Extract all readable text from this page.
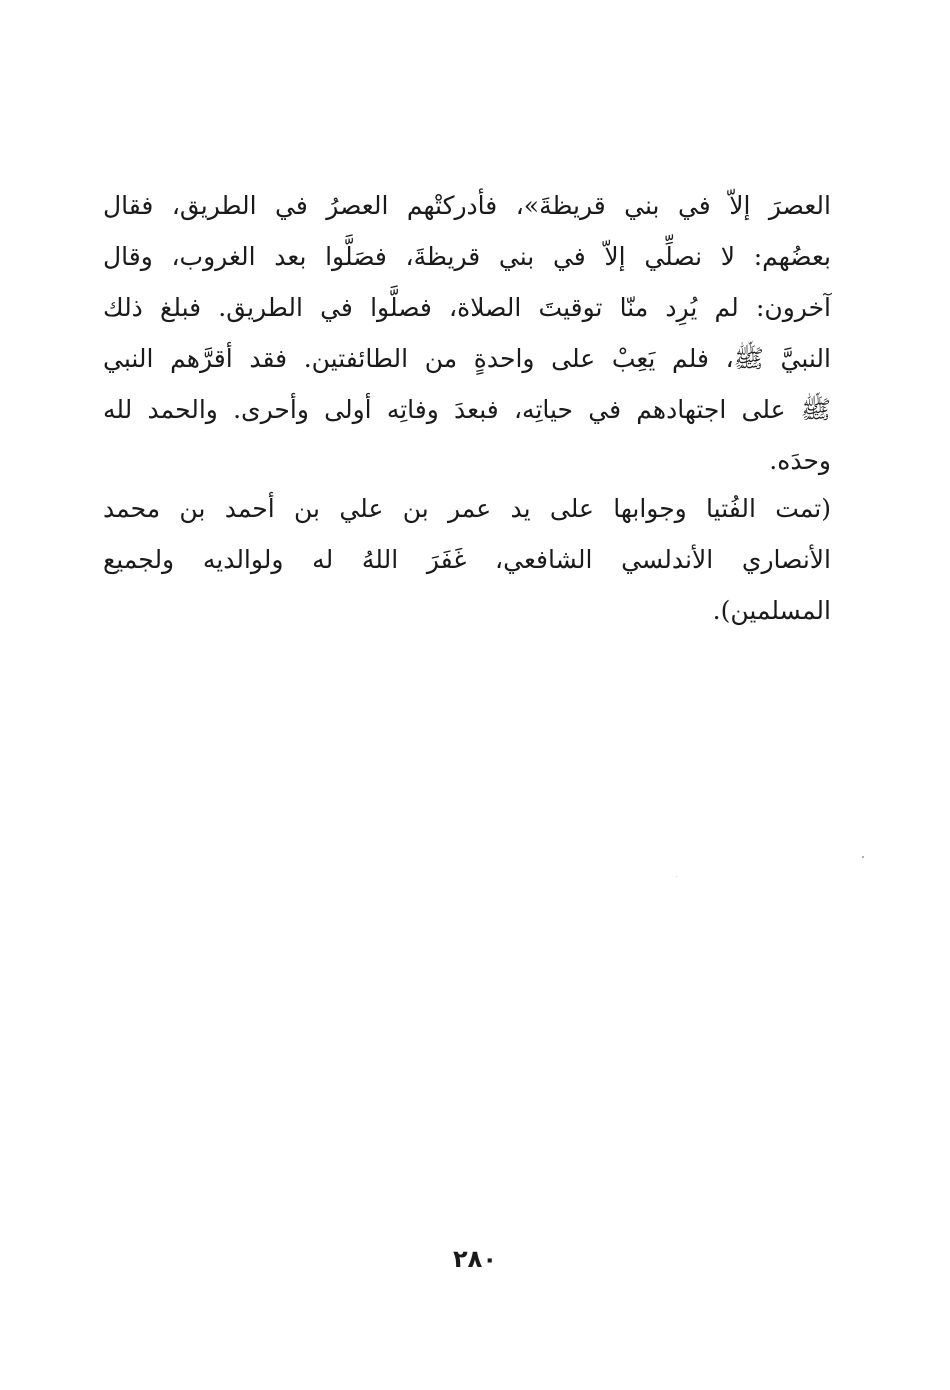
العصرَ إلاّ في بني قريظةَ»، فأدركتْهم العصرُ في الطريق، فقال
بعضُهم: لا نصلِّي إلاّ في بني قريظةَ، فصَلَّوا بعد الغروب، وقال
آخرون: لم يُرِد منّا توقيتَ الصلاة، فصلَّوا في الطريق. فبلغ ذلك
النبيَّ ﷺ، فلم يَعِبْ على واحدةٍ من الطائفتين. فقد أقرَّهم النبي
ﷺ على اجتهادهم في حياتِه، فبعدَ وفاتِه أولى وأحرى. والحمد لله
وحدَه.
(تمت الفُتيا وجوابها على يد عمر بن علي بن أحمد بن محمد
الأنصاري الأندلسي الشافعي، غَفَرَ اللهُ له ولوالديه ولجميع
المسلمين).
٢٨٠
